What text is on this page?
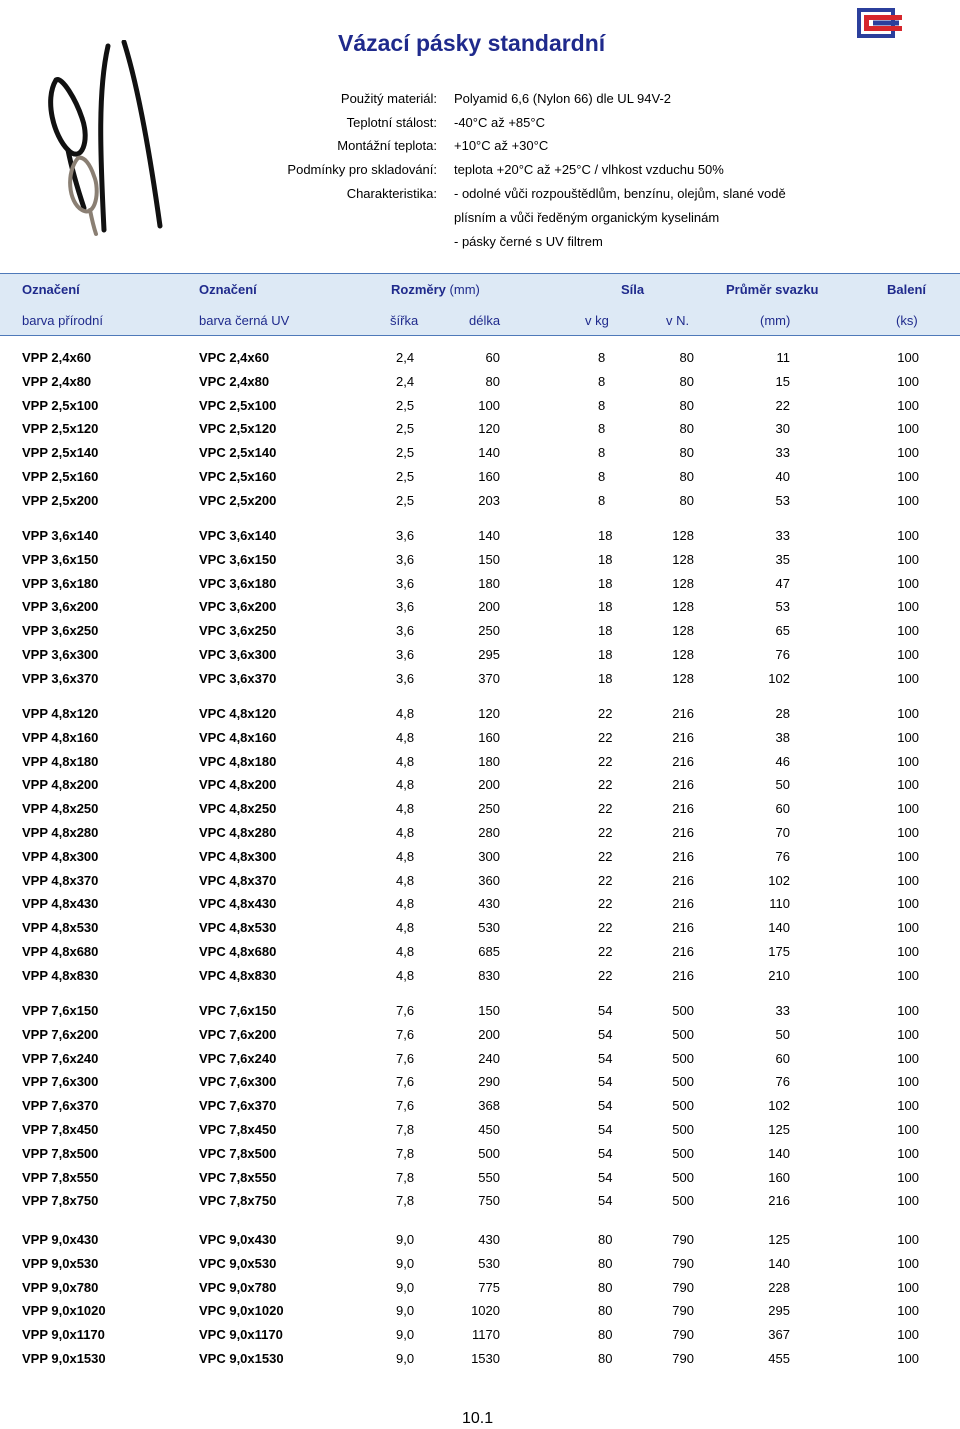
Vázací pásky standardní
Použitý materiál: Polyamid 6,6 (Nylon 66) dle UL 94V-2
Teplotní stálost: -40°C až +85°C
Montážní teplota: +10°C až +30°C
Podmínky pro skladování: teplota +20°C až +25°C / vlhkost vzduchu 50%
Charakteristika: - odolné vůči rozpouštědlům, benzínu, olejům, slané vodě
plísním a vůči ředěným organickým kyselinám
- pásky černé s UV filtrem
Označení	Označení	Rozměry (mm)	Síla	Průměr svazku	Balení
barva přírodní	barva černá UV	šířka	délka	v kg	v N.	(mm)	(ks)
VPP 2,4x60	VPC 2,4x60	2,4	60	8	80	11	100
VPP 2,4x80	VPC 2,4x80	2,4	80	8	80	15	100
VPP 2,5x100	VPC 2,5x100	2,5	100	8	80	22	100
VPP 2,5x120	VPC 2,5x120	2,5	120	8	80	30	100
VPP 2,5x140	VPC 2,5x140	2,5	140	8	80	33	100
VPP 2,5x160	VPC 2,5x160	2,5	160	8	80	40	100
VPP 2,5x200	VPC 2,5x200	2,5	203	8	80	53	100
VPP 3,6x140	VPC 3,6x140	3,6	140	18	128	33	100
VPP 3,6x150	VPC 3,6x150	3,6	150	18	128	35	100
VPP 3,6x180	VPC 3,6x180	3,6	180	18	128	47	100
VPP 3,6x200	VPC 3,6x200	3,6	200	18	128	53	100
VPP 3,6x250	VPC 3,6x250	3,6	250	18	128	65	100
VPP 3,6x300	VPC 3,6x300	3,6	295	18	128	76	100
VPP 3,6x370	VPC 3,6x370	3,6	370	18	128	102	100
VPP 4,8x120	VPC 4,8x120	4,8	120	22	216	28	100
VPP 4,8x160	VPC 4,8x160	4,8	160	22	216	38	100
VPP 4,8x180	VPC 4,8x180	4,8	180	22	216	46	100
VPP 4,8x200	VPC 4,8x200	4,8	200	22	216	50	100
VPP 4,8x250	VPC 4,8x250	4,8	250	22	216	60	100
VPP 4,8x280	VPC 4,8x280	4,8	280	22	216	70	100
VPP 4,8x300	VPC 4,8x300	4,8	300	22	216	76	100
VPP 4,8x370	VPC 4,8x370	4,8	360	22	216	102	100
VPP 4,8x430	VPC 4,8x430	4,8	430	22	216	110	100
VPP 4,8x530	VPC 4,8x530	4,8	530	22	216	140	100
VPP 4,8x680	VPC 4,8x680	4,8	685	22	216	175	100
VPP 4,8x830	VPC 4,8x830	4,8	830	22	216	210	100
VPP 7,6x150	VPC 7,6x150	7,6	150	54	500	33	100
VPP 7,6x200	VPC 7,6x200	7,6	200	54	500	50	100
VPP 7,6x240	VPC 7,6x240	7,6	240	54	500	60	100
VPP 7,6x300	VPC 7,6x300	7,6	290	54	500	76	100
VPP 7,6x370	VPC 7,6x370	7,6	368	54	500	102	100
VPP 7,8x450	VPC 7,8x450	7,8	450	54	500	125	100
VPP 7,8x500	VPC 7,8x500	7,8	500	54	500	140	100
VPP 7,8x550	VPC 7,8x550	7,8	550	54	500	160	100
VPP 7,8x750	VPC 7,8x750	7,8	750	54	500	216	100
VPP 9,0x430	VPC 9,0x430	9,0	430	80	790	125	100
VPP 9,0x530	VPC 9,0x530	9,0	530	80	790	140	100
VPP 9,0x780	VPC 9,0x780	9,0	775	80	790	228	100
VPP 9,0x1020	VPC 9,0x1020	9,0	1020	80	790	295	100
VPP 9,0x1170	VPC 9,0x1170	9,0	1170	80	790	367	100
VPP 9,0x1530	VPC 9,0x1530	9,0	1530	80	790	455	100
10.1
